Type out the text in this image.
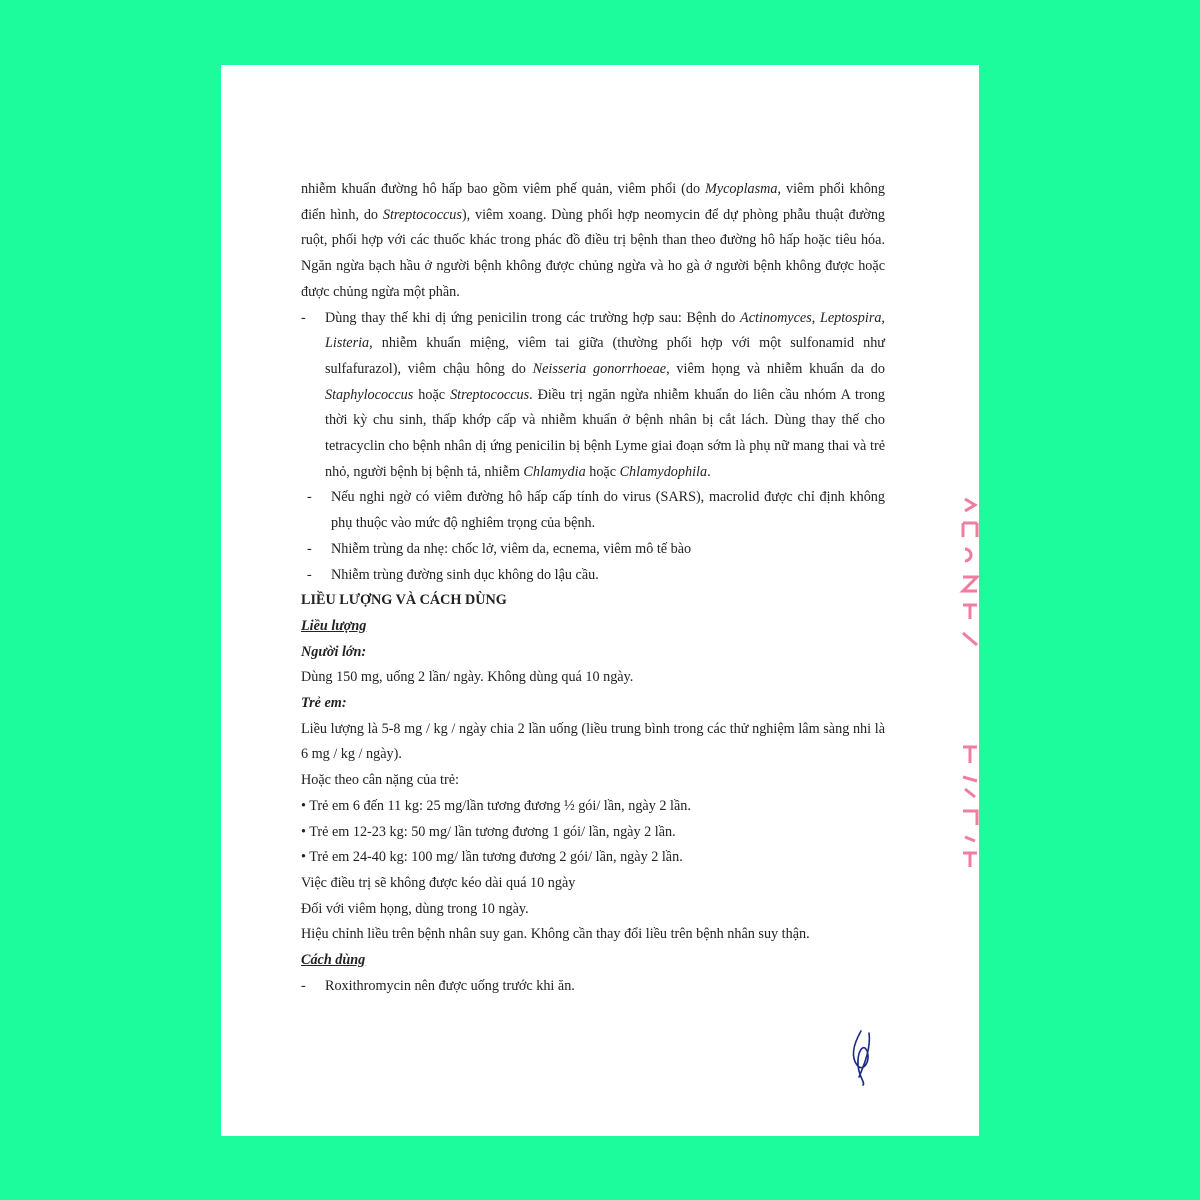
nhiễm khuẩn đường hô hấp bao gồm viêm phế quản, viêm phổi (do Mycoplasma, viêm phổi không điển hình, do Streptococcus), viêm xoang. Dùng phối hợp neomycin để dự phòng phẫu thuật đường ruột, phối hợp với các thuốc khác trong phác đồ điều trị bệnh than theo đường hô hấp hoặc tiêu hóa. Ngăn ngừa bạch hầu ở người bệnh không được chủng ngừa và ho gà ở người bệnh không được hoặc được chủng ngừa một phần.

-	Dùng thay thế khi dị ứng penicilin trong các trường hợp sau: Bệnh do Actinomyces, Leptospira, Listeria, nhiễm khuẩn miệng, viêm tai giữa (thường phối hợp với một sulfonamid như sulfafurazol), viêm chậu hông do Neisseria gonorrhoeae, viêm họng và nhiễm khuẩn da do Staphylococcus hoặc Streptococcus. Điều trị ngăn ngừa nhiễm khuẩn do liên cầu nhóm A trong thời kỳ chu sinh, thấp khớp cấp và nhiễm khuẩn ở bệnh nhân bị cắt lách. Dùng thay thế cho tetracyclin cho bệnh nhân dị ứng penicilin bị bệnh Lyme giai đoạn sớm là phụ nữ mang thai và trẻ nhỏ, người bệnh bị bệnh tả, nhiễm Chlamydia hoặc Chlamydophila.
-	Nếu nghi ngờ có viêm đường hô hấp cấp tính do virus (SARS), macrolid được chỉ định không phụ thuộc vào mức độ nghiêm trọng của bệnh.
-	Nhiễm trùng da nhẹ: chốc lở, viêm da, ecnema, viêm mô tế bào
-	Nhiễm trùng đường sinh dục không do lậu cầu.

LIỀU LƯỢNG VÀ CÁCH DÙNG

Liều lượng

Người lớn:

Dùng 150 mg, uống 2 lần/ ngày. Không dùng quá 10 ngày.

Trẻ em:

Liều lượng là 5-8 mg / kg / ngày chia 2 lần uống (liều trung bình trong các thử nghiệm lâm sàng nhi là 6 mg / kg / ngày).

Hoặc theo cân nặng của trẻ:

• Trẻ em 6 đến 11 kg: 25 mg/lần tương đương ½ gói/ lần, ngày 2 lần.

• Trẻ em 12-23 kg: 50 mg/ lần tương đương 1 gói/ lần, ngày 2 lần.

• Trẻ em 24-40 kg: 100 mg/ lần tương đương 2 gói/ lần, ngày 2 lần.

Việc điều trị sẽ không được kéo dài quá 10 ngày

Đối với viêm họng, dùng trong 10 ngày.

Hiệu chỉnh liều trên bệnh nhân suy gan. Không cần thay đổi liều trên bệnh nhân suy thận.

Cách dùng

-	Roxithromycin nên được uống trước khi ăn.
